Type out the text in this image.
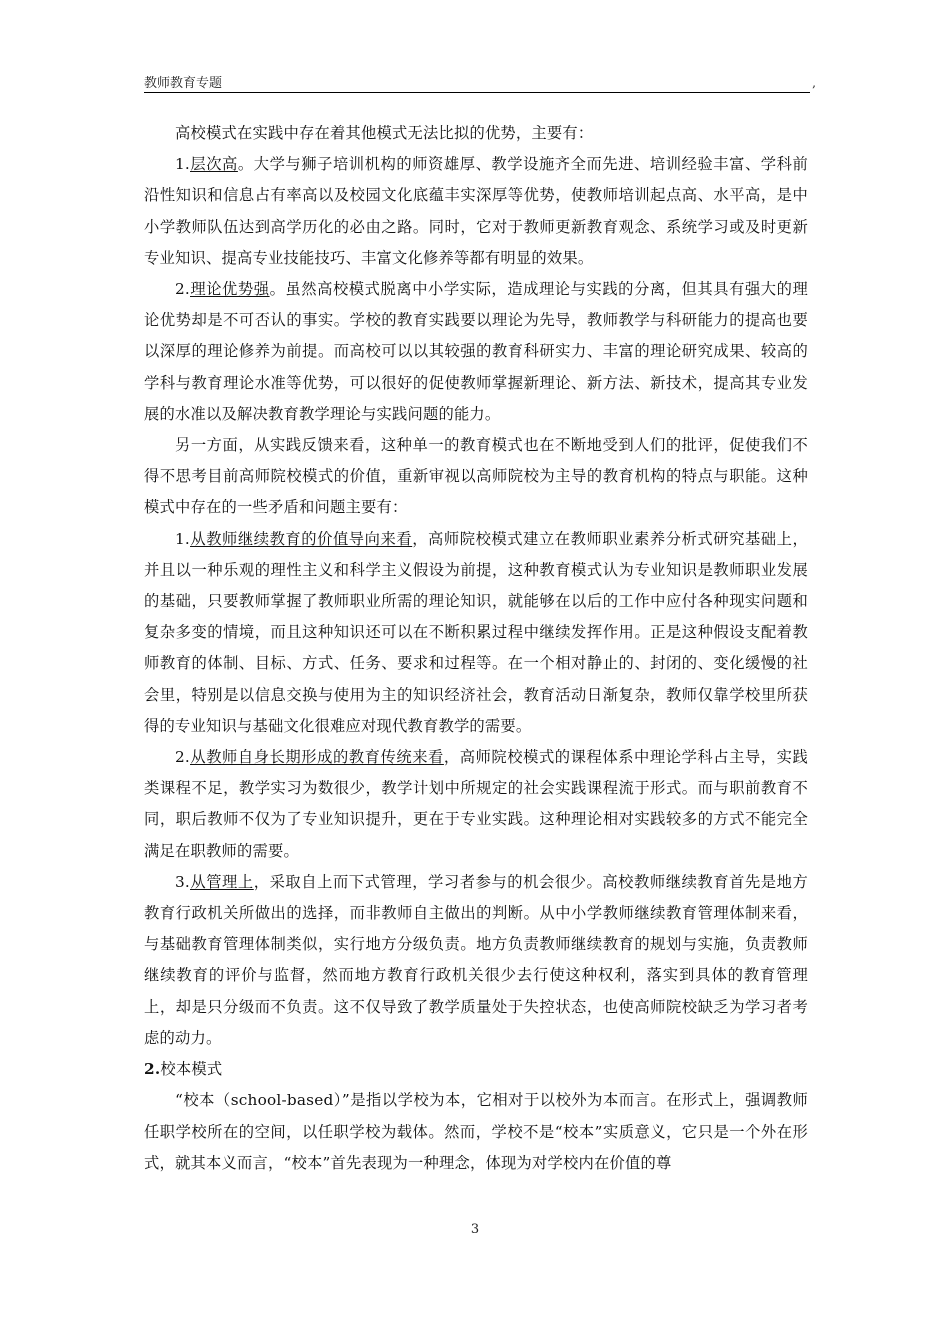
教师教育专题	,

高校模式在实践中存在着其他模式无法比拟的优势，主要有：

1.层次高。大学与狮子培训机构的师资雄厚、教学设施齐全而先进、培训经验丰富、学科前沿性知识和信息占有率高以及校园文化底蕴丰实深厚等优势，使教师培训起点高、水平高，是中小学教师队伍达到高学历化的必由之路。同时，它对于教师更新教育观念、系统学习或及时更新专业知识、提高专业技能技巧、丰富文化修养等都有明显的效果。

2.理论优势强。虽然高校模式脱离中小学实际，造成理论与实践的分离，但其具有强大的理论优势却是不可否认的事实。学校的教育实践要以理论为先导，教师教学与科研能力的提高也要以深厚的理论修养为前提。而高校可以以其较强的教育科研实力、丰富的理论研究成果、较高的学科与教育理论水准等优势，可以很好的促使教师掌握新理论、新方法、新技术，提高其专业发展的水准以及解决教育教学理论与实践问题的能力。

另一方面，从实践反馈来看，这种单一的教育模式也在不断地受到人们的批评，促使我们不得不思考目前高师院校模式的价值，重新审视以高师院校为主导的教育机构的特点与职能。这种模式中存在的一些矛盾和问题主要有：

1.从教师继续教育的价值导向来看，高师院校模式建立在教师职业素养分析式研究基础上，并且以一种乐观的理性主义和科学主义假设为前提，这种教育模式认为专业知识是教师职业发展的基础，只要教师掌握了教师职业所需的理论知识，就能够在以后的工作中应付各种现实问题和复杂多变的情境，而且这种知识还可以在不断积累过程中继续发挥作用。正是这种假设支配着教师教育的体制、目标、方式、任务、要求和过程等。在一个相对静止的、封闭的、变化缓慢的社会里，特别是以信息交换与使用为主的知识经济社会，教育活动日渐复杂，教师仅靠学校里所获得的专业知识与基础文化很难应对现代教育教学的需要。

2.从教师自身长期形成的教育传统来看，高师院校模式的课程体系中理论学科占主导，实践类课程不足，教学实习为数很少，教学计划中所规定的社会实践课程流于形式。而与职前教育不同，职后教师不仅为了专业知识提升，更在于专业实践。这种理论相对实践较多的方式不能完全满足在职教师的需要。

3.从管理上，采取自上而下式管理，学习者参与的机会很少。高校教师继续教育首先是地方教育行政机关所做出的选择，而非教师自主做出的判断。从中小学教师继续教育管理体制来看，与基础教育管理体制类似，实行地方分级负责。地方负责教师继续教育的规划与实施，负责教师继续教育的评价与监督，然而地方教育行政机关很少去行使这种权利，落实到具体的教育管理上，却是只分级而不负责。这不仅导致了教学质量处于失控状态，也使高师院校缺乏为学习者考虑的动力。

2.校本模式

“校本（school-based）”是指以学校为本，它相对于以校外为本而言。在形式上，强调教师任职学校所在的空间，以任职学校为载体。然而，学校不是“校本”实质意义，它只是一个外在形式，就其本义而言，“校本”首先表现为一种理念，体现为对学校内在价值的尊

3
